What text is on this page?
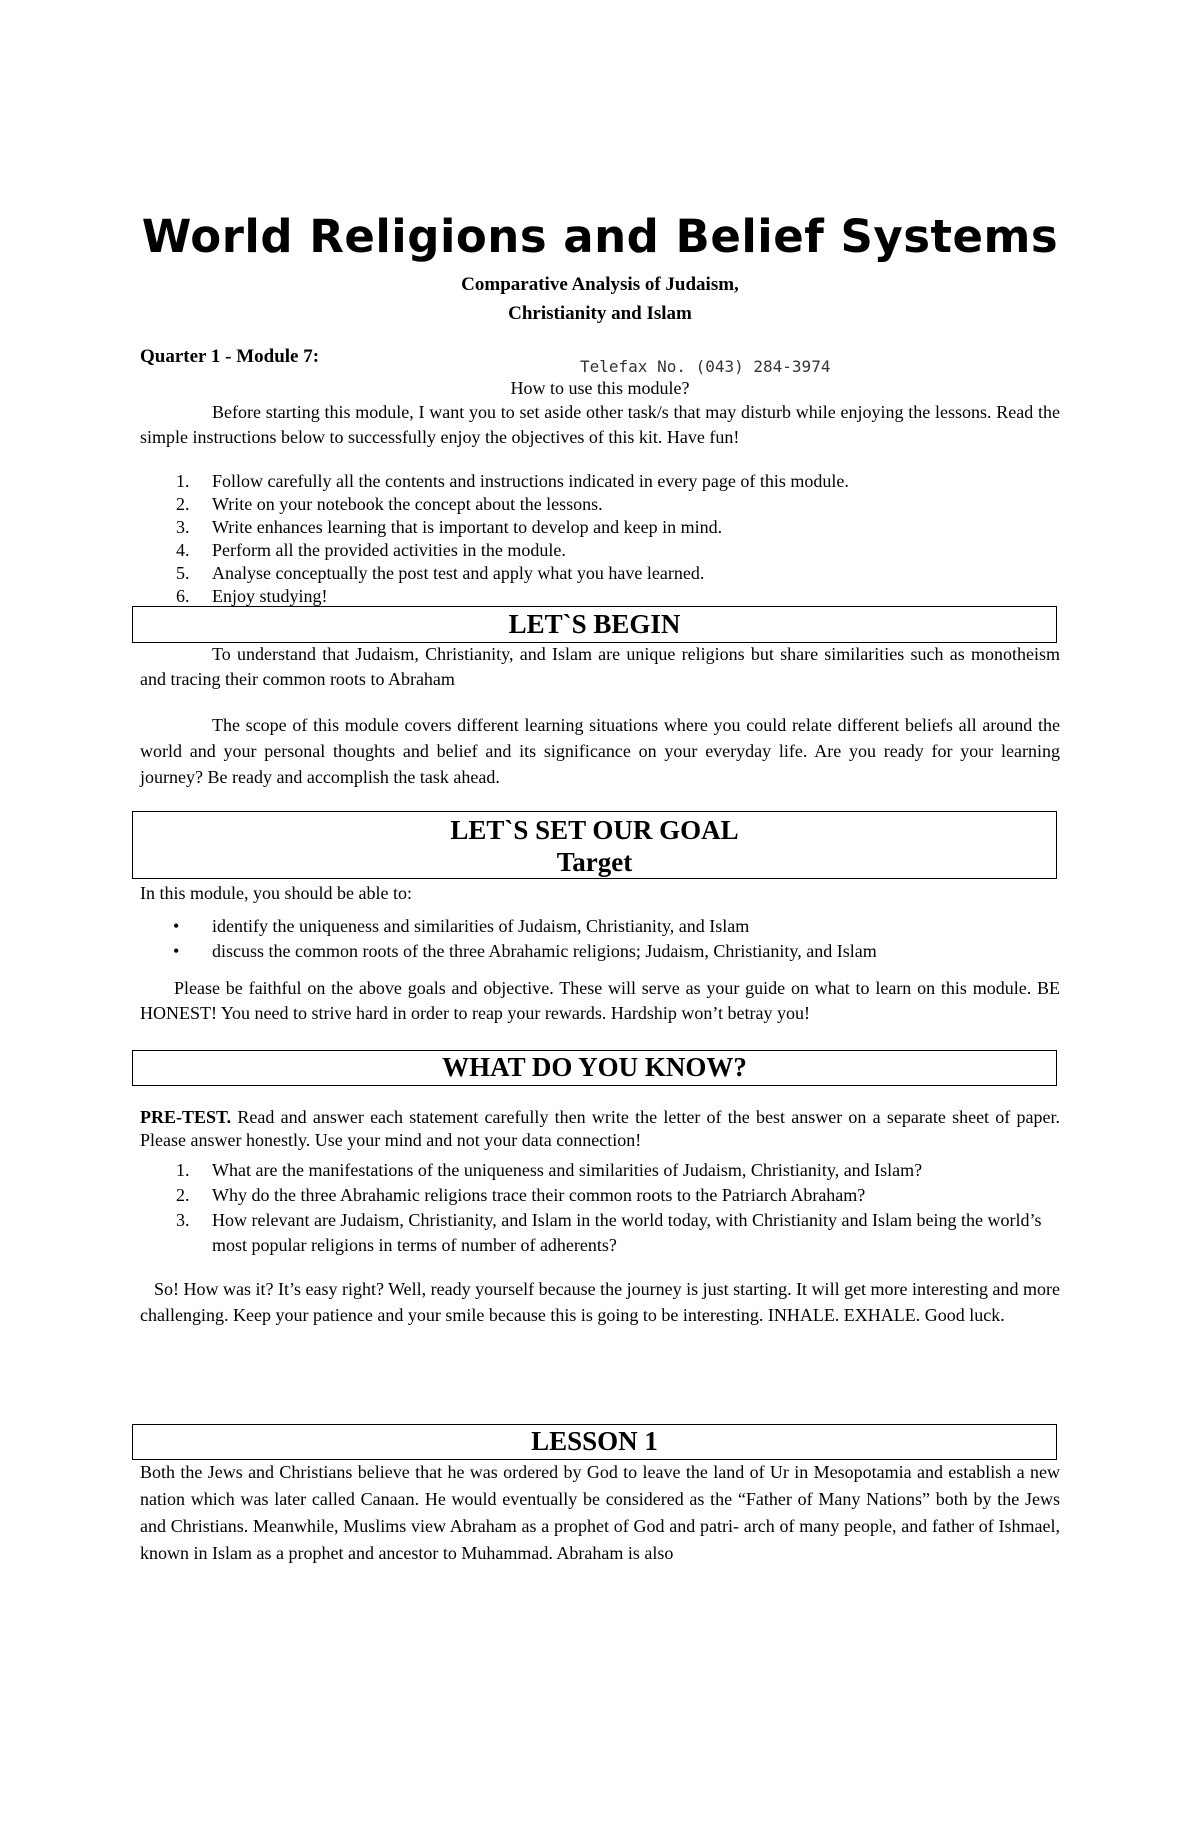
World Religions and Belief Systems
Comparative Analysis of Judaism,
Christianity and Islam
Quarter 1 - Module 7:	Telefax No. (043) 284-3974
How to use this module?
Before starting this module, I want you to set aside other task/s that may disturb while enjoying the lessons. Read the simple instructions below to successfully enjoy the objectives of this kit. Have fun!
1. Follow carefully all the contents and instructions indicated in every page of this module.
2. Write on your notebook the concept about the lessons.
3. Write enhances learning that is important to develop and keep in mind.
4. Perform all the provided activities in the module.
5. Analyse conceptually the post test and apply what you have learned.
6. Enjoy studying!
LET`S BEGIN
To understand that Judaism, Christianity, and Islam are unique religions but share similarities such as monotheism and tracing their common roots to Abraham
The scope of this module covers different learning situations where you could relate different beliefs all around the world and your personal thoughts and belief and its significance on your everyday life. Are you ready for your learning journey? Be ready and accomplish the task ahead.
LET`S SET OUR GOAL
Target
In this module, you should be able to:
• identify the uniqueness and similarities of Judaism, Christianity, and Islam
• discuss the common roots of the three Abrahamic religions; Judaism, Christianity, and Islam
Please be faithful on the above goals and objective. These will serve as your guide on what to learn on this module. BE HONEST! You need to strive hard in order to reap your rewards. Hardship won’t betray you!
WHAT DO YOU KNOW?
PRE-TEST. Read and answer each statement carefully then write the letter of the best answer on a separate sheet of paper. Please answer honestly. Use your mind and not your data connection!
1. What are the manifestations of the uniqueness and similarities of Judaism, Christianity, and Islam?
2. Why do the three Abrahamic religions trace their common roots to the Patriarch Abraham?
3. How relevant are Judaism, Christianity, and Islam in the world today, with Christianity and Islam being the world’s most popular religions in terms of number of adherents?
So! How was it? It’s easy right? Well, ready yourself because the journey is just starting. It will get more interesting and more challenging. Keep your patience and your smile because this is going to be interesting. INHALE. EXHALE. Good luck.
LESSON 1
Both the Jews and Christians believe that he was ordered by God to leave the land of Ur in Mesopotamia and establish a new nation which was later called Canaan. He would eventually be considered as the “Father of Many Nations” both by the Jews and Christians. Meanwhile, Muslims view Abraham as a prophet of God and patri- arch of many people, and father of Ishmael, known in Islam as a prophet and ancestor to Muhammad. Abraham is also
